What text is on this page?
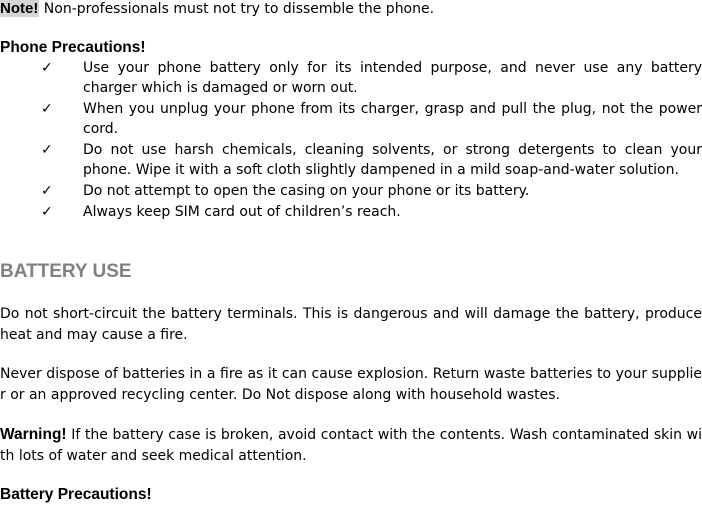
Note! Non-professionals must not try to dissemble the phone.
Phone Precautions!
✓ Use your phone battery only for its intended purpose, and never use any battery charger which is damaged or worn out.
✓ When you unplug your phone from its charger, grasp and pull the plug, not the power cord.
✓ Do not use harsh chemicals, cleaning solvents, or strong detergents to clean your phone. Wipe it with a soft cloth slightly dampened in a mild soap-and-water solution.
✓ Do not attempt to open the casing on your phone or its battery.
✓ Always keep SIM card out of children’s reach.
BATTERY USE
Do not short-circuit the battery terminals. This is dangerous and will damage the battery, produce heat and may cause a fire.
Never dispose of batteries in a fire as it can cause explosion. Return waste batteries to your supplier or an approved recycling center. Do Not dispose along with household wastes.
Warning! If the battery case is broken, avoid contact with the contents. Wash contaminated skin with lots of water and seek medical attention.
Battery Precautions!
